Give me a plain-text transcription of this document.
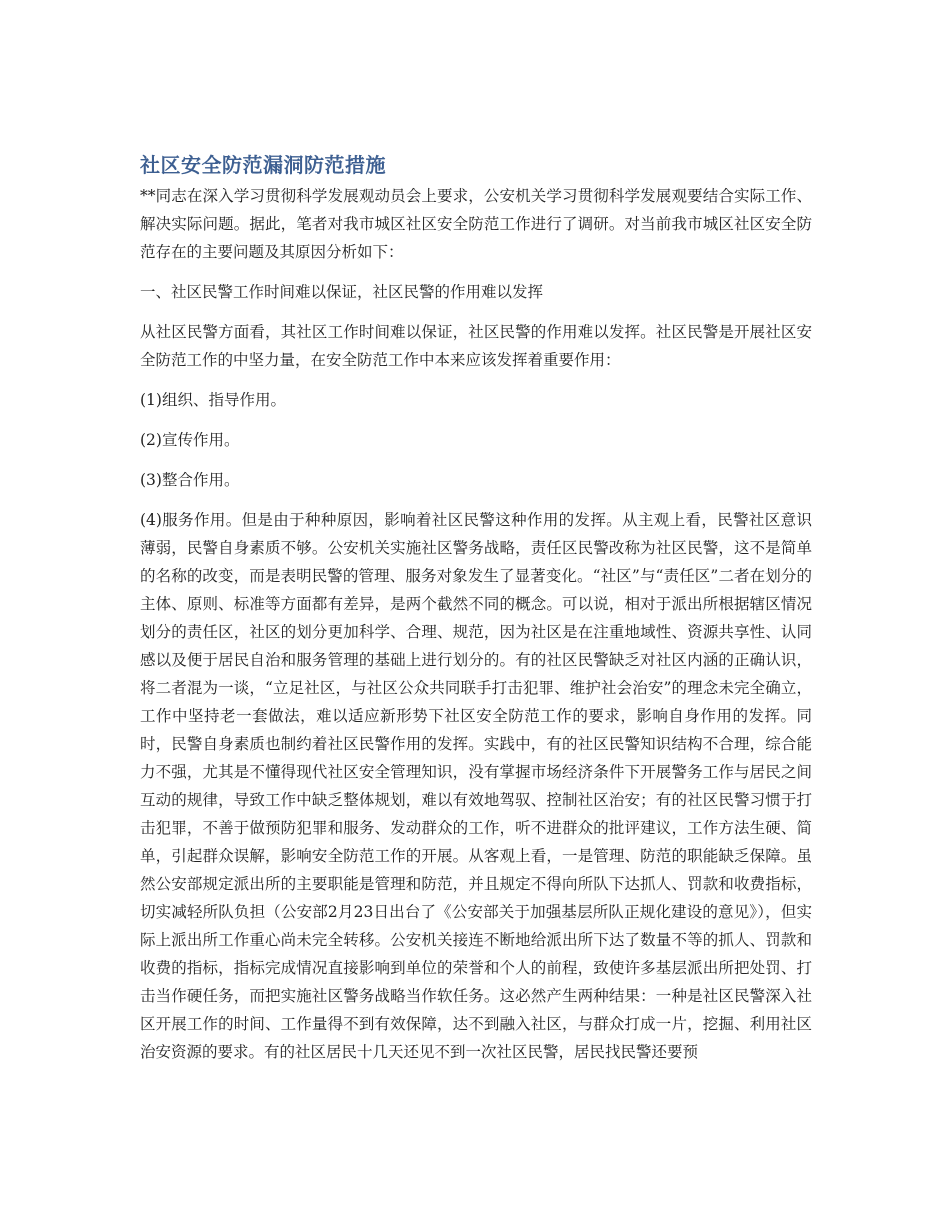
社区安全防范漏洞防范措施

**同志在深入学习贯彻科学发展观动员会上要求，公安机关学习贯彻科学发展观要结合实际工作、解决实际问题。据此，笔者对我市城区社区安全防范工作进行了调研。对当前我市城区社区安全防范存在的主要问题及其原因分析如下：

一、社区民警工作时间难以保证，社区民警的作用难以发挥

从社区民警方面看，其社区工作时间难以保证，社区民警的作用难以发挥。社区民警是开展社区安全防范工作的中坚力量，在安全防范工作中本来应该发挥着重要作用：

(1)组织、指导作用。

(2)宣传作用。

(3)整合作用。

(4)服务作用。但是由于种种原因，影响着社区民警这种作用的发挥。从主观上看，民警社区意识薄弱，民警自身素质不够。公安机关实施社区警务战略，责任区民警改称为社区民警，这不是简单的名称的改变，而是表明民警的管理、服务对象发生了显著变化。“社区”与“责任区”二者在划分的主体、原则、标准等方面都有差异，是两个截然不同的概念。可以说，相对于派出所根据辖区情况划分的责任区，社区的划分更加科学、合理、规范，因为社区是在注重地域性、资源共享性、认同感以及便于居民自治和服务管理的基础上进行划分的。有的社区民警缺乏对社区内涵的正确认识，将二者混为一谈，“立足社区，与社区公众共同联手打击犯罪、维护社会治安”的理念未完全确立，工作中坚持老一套做法，难以适应新形势下社区安全防范工作的要求，影响自身作用的发挥。同时，民警自身素质也制约着社区民警作用的发挥。实践中，有的社区民警知识结构不合理，综合能力不强，尤其是不懂得现代社区安全管理知识，没有掌握市场经济条件下开展警务工作与居民之间互动的规律，导致工作中缺乏整体规划，难以有效地驾驭、控制社区治安；有的社区民警习惯于打击犯罪，不善于做预防犯罪和服务、发动群众的工作，听不进群众的批评建议，工作方法生硬、简单，引起群众误解，影响安全防范工作的开展。从客观上看，一是管理、防范的职能缺乏保障。虽然公安部规定派出所的主要职能是管理和防范，并且规定不得向所队下达抓人、罚款和收费指标，切实减轻所队负担（公安部2月23日出台了《公安部关于加强基层所队正规化建设的意见》），但实际上派出所工作重心尚未完全转移。公安机关接连不断地给派出所下达了数量不等的抓人、罚款和收费的指标，指标完成情况直接影响到单位的荣誉和个人的前程，致使许多基层派出所把处罚、打击当作硬任务，而把实施社区警务战略当作软任务。这必然产生两种结果：一种是社区民警深入社区开展工作的时间、工作量得不到有效保障，达不到融入社区，与群众打成一片，挖掘、利用社区治安资源的要求。有的社区居民十几天还见不到一次社区民警，居民找民警还要预
